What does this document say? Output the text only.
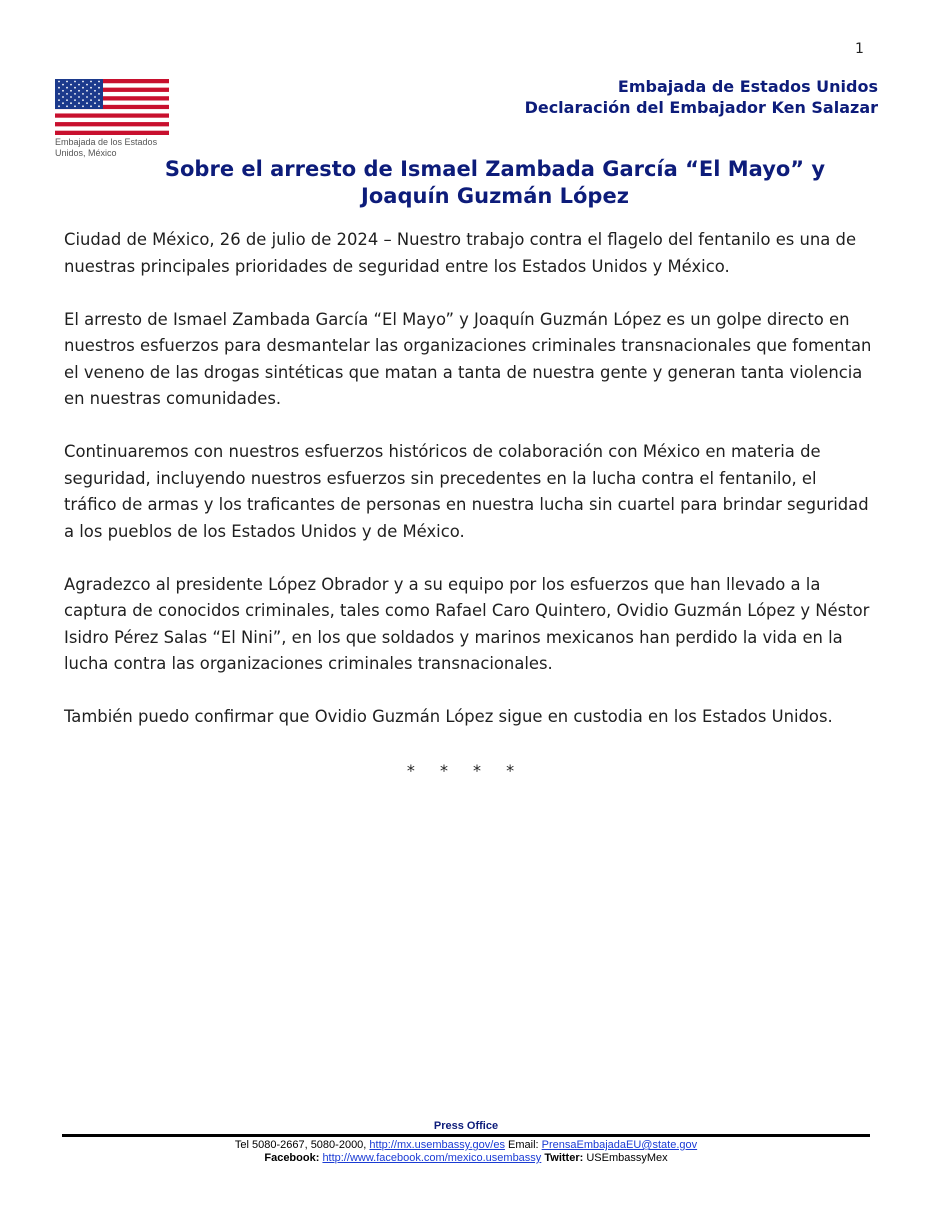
1
Embajada de los Estados
Unidos, México
Embajada de Estados Unidos
Declaración del Embajador Ken Salazar
Sobre el arresto de Ismael Zambada García “El Mayo” y
Joaquín Guzmán López

Ciudad de México, 26 de julio de 2024 – Nuestro trabajo contra el flagelo del fentanilo es una de nuestras principales prioridades de seguridad entre los Estados Unidos y México.

El arresto de Ismael Zambada García “El Mayo” y Joaquín Guzmán López es un golpe directo en nuestros esfuerzos para desmantelar las organizaciones criminales transnacionales que fomentan el veneno de las drogas sintéticas que matan a tanta de nuestra gente y generan tanta violencia en nuestras comunidades.

Continuaremos con nuestros esfuerzos históricos de colaboración con México en materia de seguridad, incluyendo nuestros esfuerzos sin precedentes en la lucha contra el fentanilo, el tráfico de armas y los traficantes de personas en nuestra lucha sin cuartel para brindar seguridad a los pueblos de los Estados Unidos y de México.

Agradezco al presidente López Obrador y a su equipo por los esfuerzos que han llevado a la captura de conocidos criminales, tales como Rafael Caro Quintero, Ovidio Guzmán López y Néstor Isidro Pérez Salas “El Nini”, en los que soldados y marinos mexicanos han perdido la vida en la lucha contra las organizaciones criminales transnacionales.

También puedo confirmar que Ovidio Guzmán López sigue en custodia en los Estados Unidos.

* * * *
Press Office
Tel 5080-2667, 5080-2000, http://mx.usembassy.gov/es Email: PrensaEmbajadaEU@state.gov
Facebook: http://www.facebook.com/mexico.usembassy Twitter: USEmbassyMex
